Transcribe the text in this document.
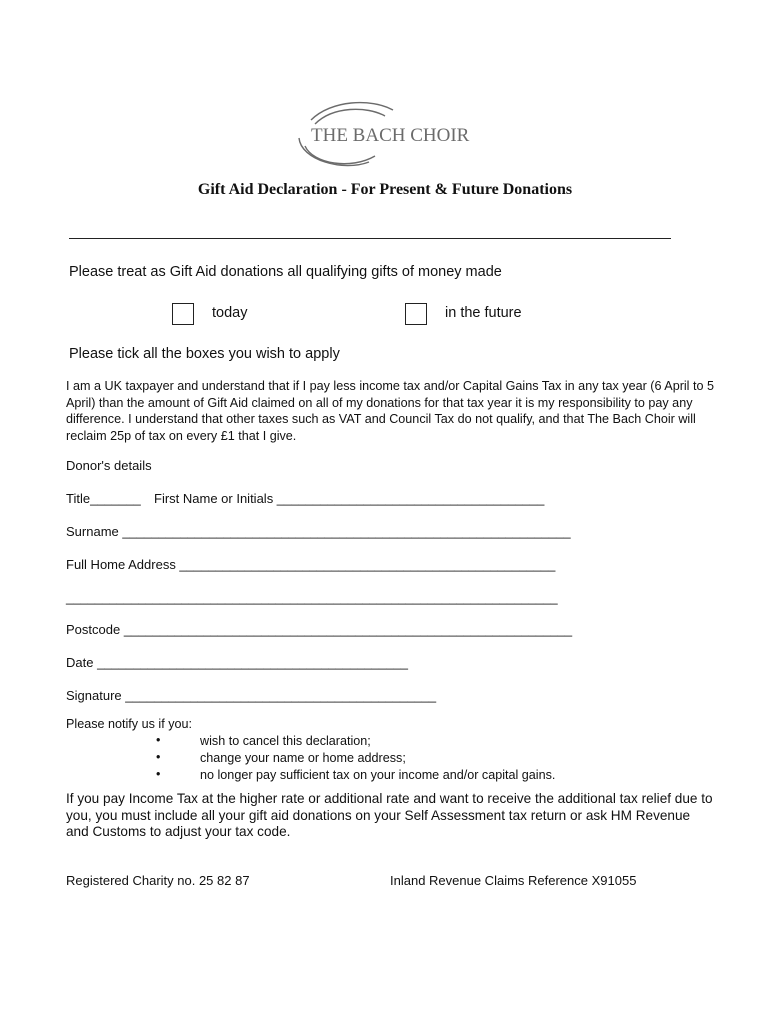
THE BACH CHOIR
Gift Aid Declaration - For Present & Future Donations
Please treat as Gift Aid donations all qualifying gifts of money made
today	in the future
Please tick all the boxes you wish to apply
I am a UK taxpayer and understand that if I pay less income tax and/or Capital Gains Tax in any tax year (6 April to 5 April) than the amount of Gift Aid claimed on all of my donations for that tax year it is my responsibility to pay any difference. I understand that other taxes such as VAT and Council Tax do not qualify, and that The Bach Choir will reclaim 25p of tax on every £1 that I give.
Donor's details
Title_______ First Name or Initials _____________________________________
Surname ______________________________________________________________
Full Home Address ____________________________________________________
____________________________________________________________________
Postcode ______________________________________________________________
Date ___________________________________________
Signature ___________________________________________
Please notify us if you:
•	wish to cancel this declaration;
•	change your name or home address;
•	no longer pay sufficient tax on your income and/or capital gains.
If you pay Income Tax at the higher rate or additional rate and want to receive the additional tax relief due to you, you must include all your gift aid donations on your Self Assessment tax return or ask HM Revenue and Customs to adjust your tax code.
Registered Charity no. 25 82 87	Inland Revenue Claims Reference X91055
